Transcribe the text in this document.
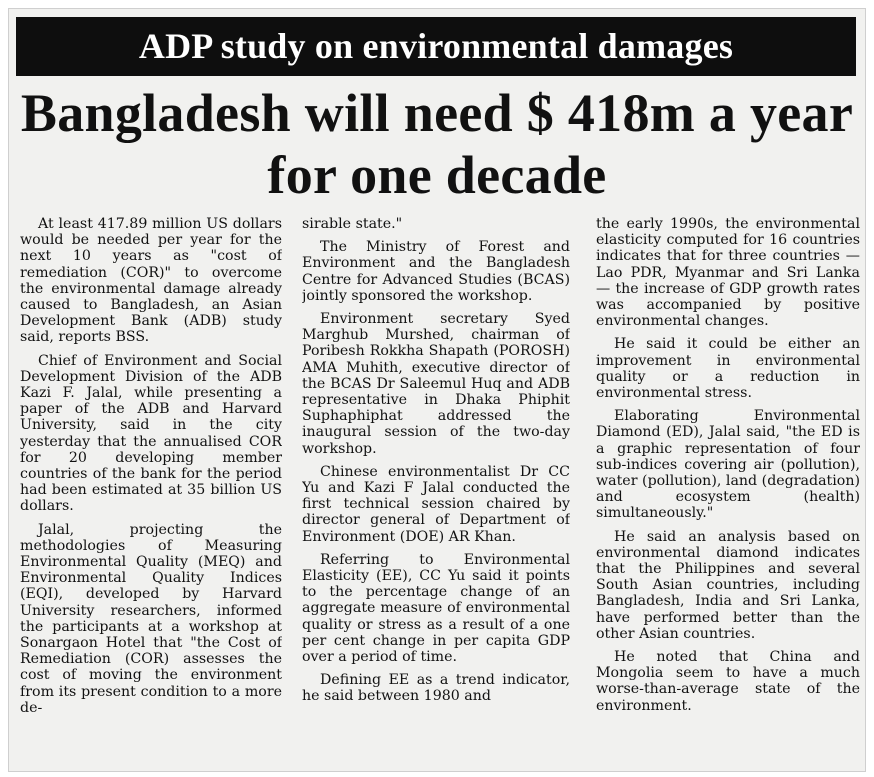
ADP study on environmental damages
Bangladesh will need $ 418m a year for one decade

At least 417.89 million US dollars would be needed per year for the next 10 years as "cost of remediation (COR)" to overcome the environmental damage already caused to Bangladesh, an Asian Development Bank (ADB) study said, reports BSS.

Chief of Environment and Social Development Division of the ADB Kazi F. Jalal, while presenting a paper of the ADB and Harvard University, said in the city yesterday that the annualised COR for 20 developing member countries of the bank for the period had been estimated at 35 billion US dollars.

Jalal, projecting the methodologies of Measuring Environmental Quality (MEQ) and Environmental Quality Indices (EQI), developed by Harvard University researchers, informed the participants at a workshop at Sonargaon Hotel that "the Cost of Remediation (COR) assesses the cost of moving the environment from its present condition to a more de-

sirable state."

The Ministry of Forest and Environment and the Bangladesh Centre for Advanced Studies (BCAS) jointly sponsored the workshop.

Environment secretary Syed Marghub Murshed, chairman of Poribesh Rokkha Shapath (POROSH) AMA Muhith, executive director of the BCAS Dr Saleemul Huq and ADB representative in Dhaka Phiphit Suphaphiphat addressed the inaugural session of the two-day workshop.

Chinese environmentalist Dr CC Yu and Kazi F Jalal conducted the first technical session chaired by director general of Department of Environment (DOE) AR Khan.

Referring to Environmental Elasticity (EE), CC Yu said it points to the percentage change of an aggregate measure of environmental quality or stress as a result of a one per cent change in per capita GDP over a period of time.

Defining EE as a trend indicator, he said between 1980 and

the early 1990s, the environmental elasticity computed for 16 countries indicates that for three countries — Lao PDR, Myanmar and Sri Lanka — the increase of GDP growth rates was accompanied by positive environmental changes.

He said it could be either an improvement in environmental quality or a reduction in environmental stress.

Elaborating Environmental Diamond (ED), Jalal said, "the ED is a graphic representation of four sub-indices covering air (pollution), water (pollution), land (degradation) and ecosystem (health) simultaneously."

He said an analysis based on environmental diamond indicates that the Philippines and several South Asian countries, including Bangladesh, India and Sri Lanka, have performed better than the other Asian countries.

He noted that China and Mongolia seem to have a much worse-than-average state of the environment.
